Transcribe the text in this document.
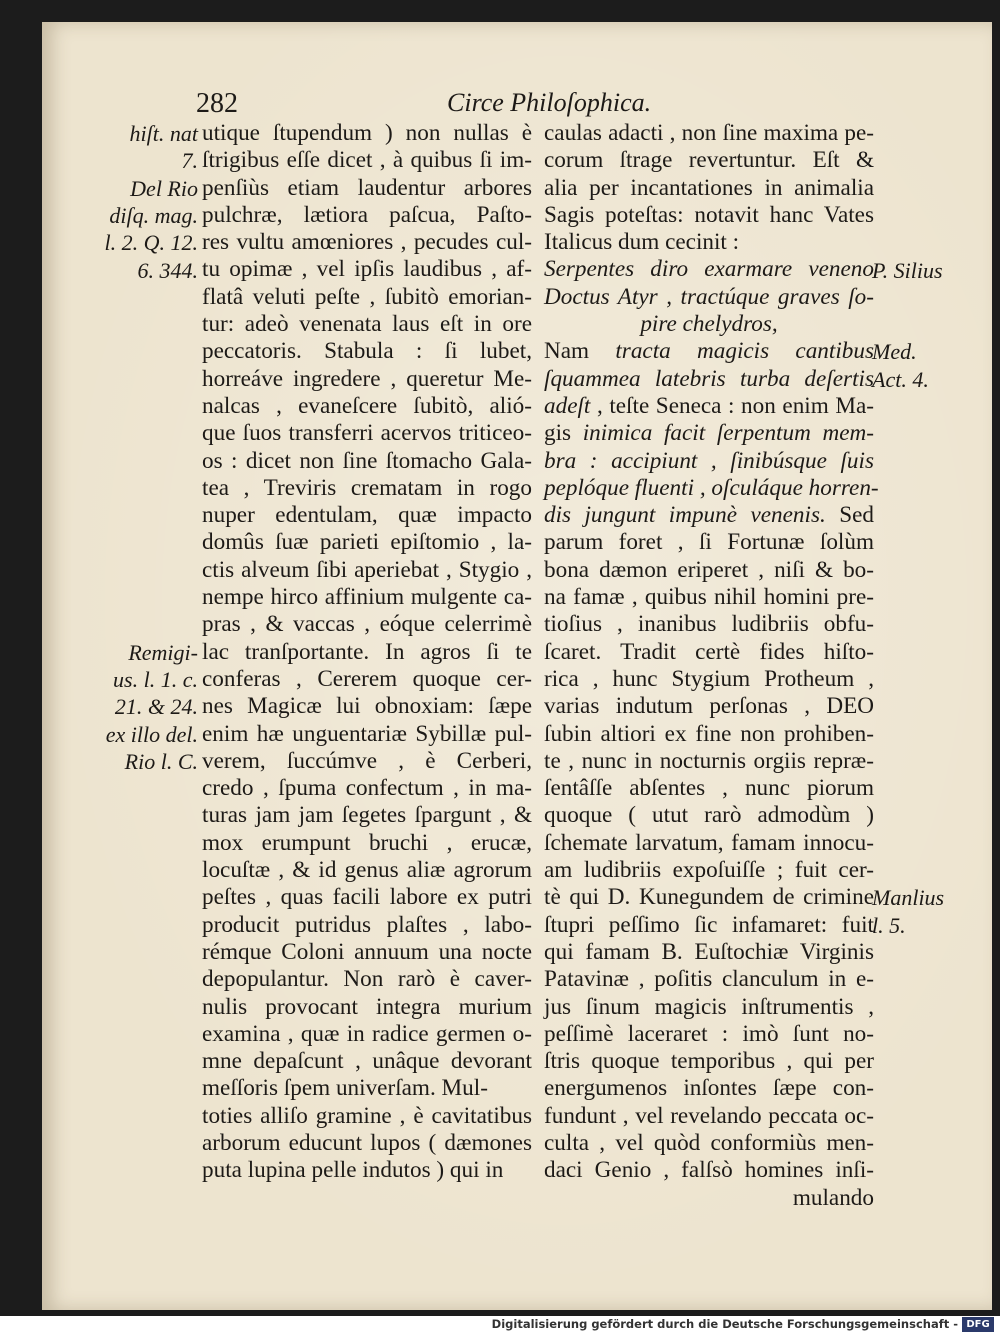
282	Circe Philoſophica.
hiſt. nat
7.
Del Rio
diſq. mag.
l. 2. Q. 12.
6. 344.
Remigi-
us. l. 1. c.
21. & 24.
ex illo del.
Rio l. C.
utique ſtupendum ) non nullas è
ſtrigibus eſſe dicet , à quibus ſi im-
penſiùs etiam laudentur arbores
pulchræ, lætiora paſcua, Paſto-
res vultu amœniores , pecudes cul-
tu opimæ , vel ipſis laudibus , af-
flatâ veluti peſte , ſubitò emorian-
tur: adeò venenata laus eſt in ore
peccatoris. Stabula : ſi lubet,
horreáve ingredere , queretur Me-
nalcas , evaneſcere ſubitò, alió-
que ſuos transferri acervos triticeo-
os : dicet non ſine ſtomacho Gala-
tea , Treviris crematam in rogo
nuper edentulam, quæ impacto
domûs ſuæ parieti epiſtomio , la-
ctis alveum ſibi aperiebat , Stygio ,
nempe hirco affinium mulgente ca-
pras , & vaccas , eóque celerrimè
lac tranſportante. In agros ſi te
conferas , Cererem quoque cer-
nes Magicæ lui obnoxiam: ſæpe
enim hæ unguentariæ Sybillæ pul-
verem, ſuccúmve , è Cerberi,
credo , ſpuma confectum , in ma-
turas jam jam ſegetes ſpargunt , &
mox erumpunt bruchi , erucæ,
locuſtæ , & id genus aliæ agrorum
peſtes , quas facili labore ex putri
producit putridus plaſtes , labo-
rémque Coloni annuum una nocte
depopulantur. Non rarò è caver-
nulis provocant integra murium
examina , quæ in radice germen o-
mne depaſcunt , unâque devorant
meſſoris ſpem univerſam. Mul-
toties alliſo gramine , è cavitatibus
arborum educunt lupos ( dæmones
puta lupina pelle indutos ) qui in
caulas adacti , non ſine maxima pe-
corum ſtrage revertuntur. Eſt &
alia per incantationes in animalia
Sagis poteſtas: notavit hanc Vates
Italicus dum cecinit :
Serpentes diro exarmare veneno
Doctus Atyr , tractúque graves ſo-
pire chelydros,
Nam tracta magicis cantibus
ſquammea latebris turba deſertis
adeſt , teſte Seneca : non enim Ma-
gis inimica facit ſerpentum mem-
bra : accipiunt , ſinibúsque ſuis
peplóque fluenti , oſculáque horren-
dis jungunt impunè venenis. Sed
parum foret , ſi Fortunæ ſolùm
bona dæmon eriperet , niſi & bo-
na famæ , quibus nihil homini pre-
tioſius , inanibus ludibriis obfu-
ſcaret. Tradit certè fides hiſto-
rica , hunc Stygium Protheum ,
varias indutum perſonas , DEO
ſubin altiori ex fine non prohiben-
te , nunc in nocturnis orgiis repræ-
ſentâſſe abſentes , nunc piorum
quoque ( utut rarò admodùm )
ſchemate larvatum, famam innocu-
am ludibriis expoſuiſſe ; fuit cer-
tè qui D. Kunegundem de crimine
ſtupri peſſimo ſic infamaret: fuit
qui famam B. Euſtochiæ Virginis
Patavinæ , poſitis clanculum in e-
jus ſinum magicis inſtrumentis ,
peſſimè laceraret : imò ſunt no-
ſtris quoque temporibus , qui per
energumenos inſontes ſæpe con-
fundunt , vel revelando peccata oc-
culta , vel quòd conformiùs men-
daci Genio , falſsò homines inſi-
mulando
P. Silius
Med.
Act. 4.
Manlius
l. 5.
Digitalisierung gefördert durch die Deutsche Forschungsgemeinschaft - DFG
